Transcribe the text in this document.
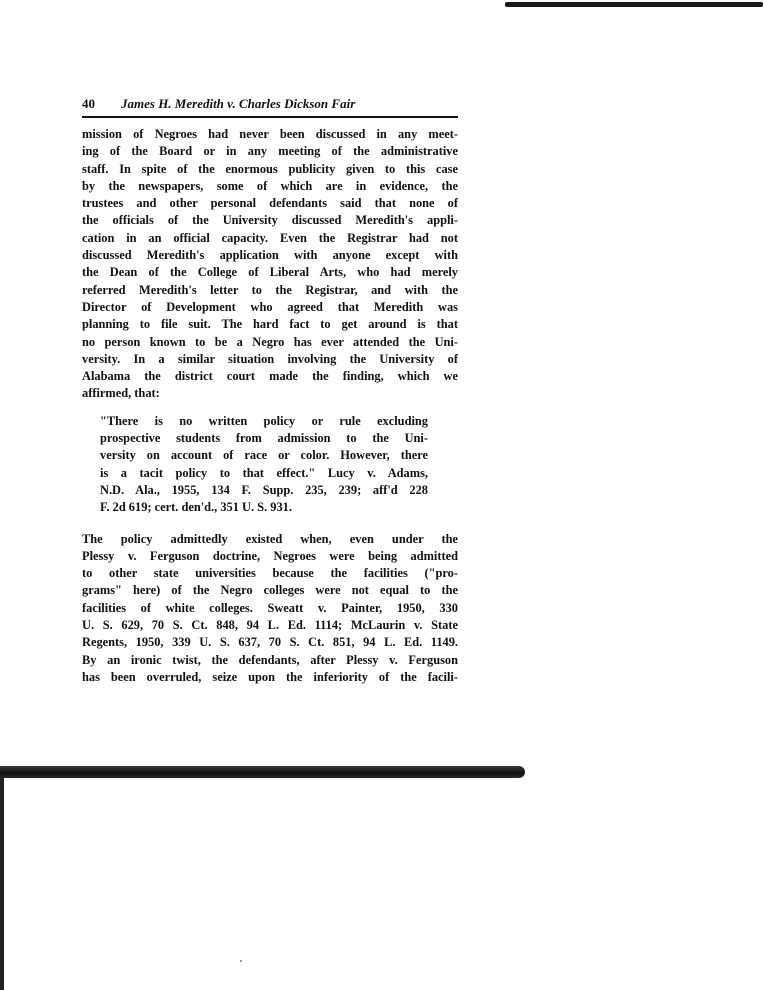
40 James H. Meredith v. Charles Dickson Fair

mission of Negroes had never been discussed in any meet-
ing of the Board or in any meeting of the administrative
staff. In spite of the enormous publicity given to this case
by the newspapers, some of which are in evidence, the
trustees and other personal defendants said that none of
the officials of the University discussed Meredith's appli-
cation in an official capacity. Even the Registrar had not
discussed Meredith's application with anyone except with
the Dean of the College of Liberal Arts, who had merely
referred Meredith's letter to the Registrar, and with the
Director of Development who agreed that Meredith was
planning to file suit. The hard fact to get around is that
no person known to be a Negro has ever attended the Uni-
versity. In a similar situation involving the University of
Alabama the district court made the finding, which we
affirmed, that:

"There is no written policy or rule excluding
prospective students from admission to the Uni-
versity on account of race or color. However, there
is a tacit policy to that effect." Lucy v. Adams,
N.D. Ala., 1955, 134 F. Supp. 235, 239; aff'd 228
F. 2d 619; cert. den'd., 351 U. S. 931.

The policy admittedly existed when, even under the
Plessy v. Ferguson doctrine, Negroes were being admitted
to other state universities because the facilities ("pro-
grams" here) of the Negro colleges were not equal to the
facilities of white colleges. Sweatt v. Painter, 1950, 330
U. S. 629, 70 S. Ct. 848, 94 L. Ed. 1114; McLaurin v. State
Regents, 1950, 339 U. S. 637, 70 S. Ct. 851, 94 L. Ed. 1149.
By an ironic twist, the defendants, after Plessy v. Ferguson
has been overruled, seize upon the inferiority of the facili-
